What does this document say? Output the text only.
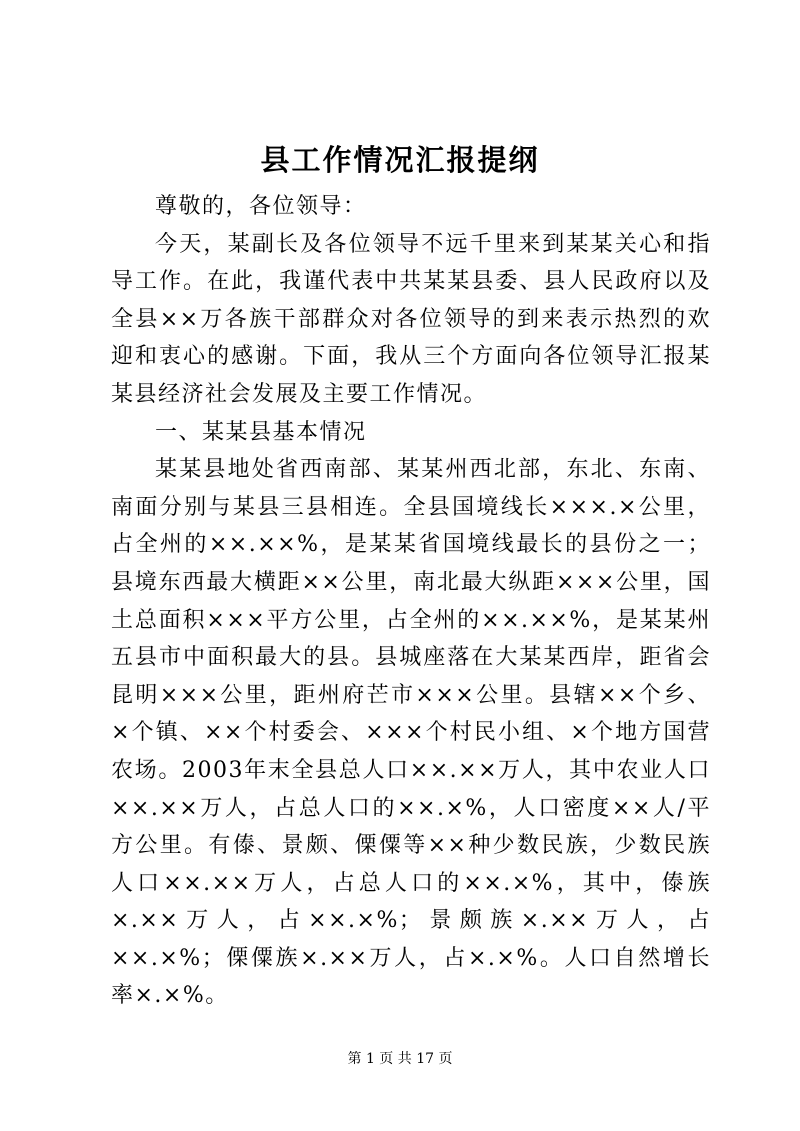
县工作情况汇报提纲

尊敬的，各位领导：

今天，某副长及各位领导不远千里来到某某关心和指导工作。在此，我谨代表中共某某县委、县人民政府以及全县××万各族干部群众对各位领导的到来表示热烈的欢迎和衷心的感谢。下面，我从三个方面向各位领导汇报某某县经济社会发展及主要工作情况。

一、某某县基本情况

某某县地处省西南部、某某州西北部，东北、东南、南面分别与某县三县相连。全县国境线长×××.×公里，占全州的××.××%，是某某省国境线最长的县份之一；县境东西最大横距××公里，南北最大纵距×××公里，国土总面积×××平方公里，占全州的××.××%，是某某州五县市中面积最大的县。县城座落在大某某西岸，距省会昆明×××公里，距州府芒市×××公里。县辖××个乡、×个镇、××个村委会、×××个村民小组、×个地方国营农场。2003年末全县总人口××.××万人，其中农业人口××.××万人，占总人口的××.×%，人口密度××人/平方公里。有傣、景颇、傈僳等××种少数民族，少数民族人口××.××万人，占总人口的××.×%，其中，傣族×.××万人，占××.×%；景颇族×.××万人，占××.×%；傈僳族×.××万人，占×.×%。人口自然增长率×.×%。

第 1 页 共 17 页
